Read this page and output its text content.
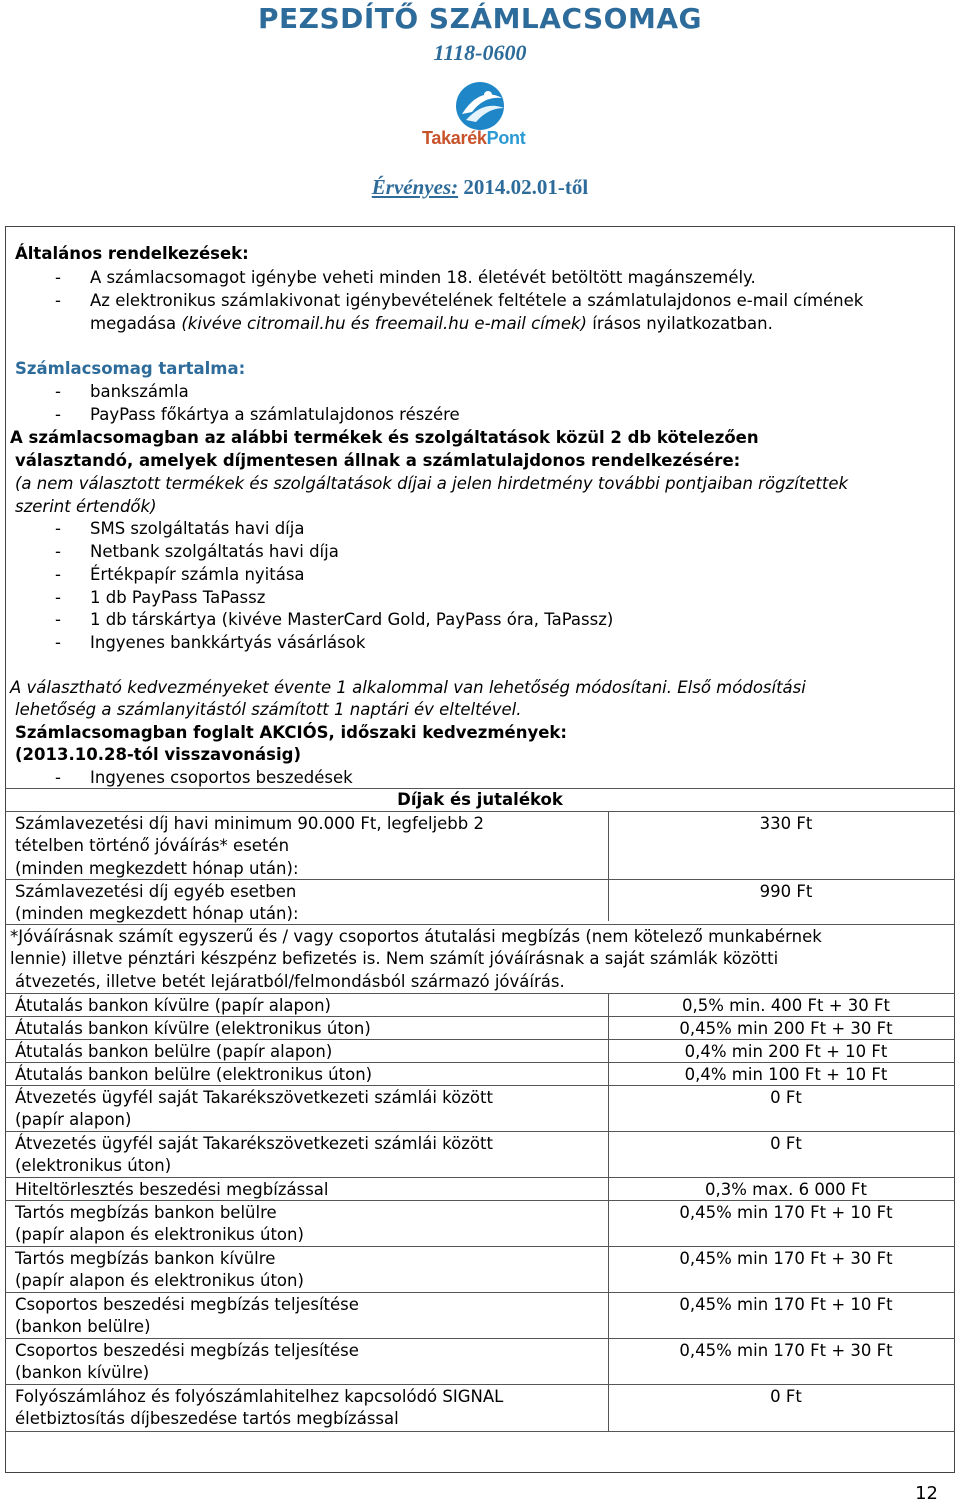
PEZSDÍTŐ SZÁMLACSOMAG
1118-0600
TakarékPont
Érvényes: 2014.02.01-től
Általános rendelkezések:
- A számlacsomagot igénybe veheti minden 18. életévét betöltött magánszemély.
- Az elektronikus számlakivonat igénybevételének feltétele a számlatulajdonos e-mail címének
megadása (kivéve citromail.hu és freemail.hu e-mail címek) írásos nyilatkozatban.
Számlacsomag tartalma:
- bankszámla
- PayPass főkártya a számlatulajdonos részére
A számlacsomagban az alábbi termékek és szolgáltatások közül 2 db kötelezően
választandó, amelyek díjmentesen állnak a számlatulajdonos rendelkezésére:
(a nem választott termékek és szolgáltatások díjai a jelen hirdetmény további pontjaiban rögzítettek
szerint értendők)
- SMS szolgáltatás havi díja
- Netbank szolgáltatás havi díja
- Értékpapír számla nyitása
- 1 db PayPass TaPassz
- 1 db társkártya (kivéve MasterCard Gold, PayPass óra, TaPassz)
- Ingyenes bankkártyás vásárlások
A választható kedvezményeket évente 1 alkalommal van lehetőség módosítani. Első módosítási
lehetőség a számlanyitástól számított 1 naptári év elteltével.
Számlacsomagban foglalt AKCIÓS, időszaki kedvezmények:
(2013.10.28-tól visszavonásig)
- Ingyenes csoportos beszedések
Díjak és jutalékok
Számlavezetési díj havi minimum 90.000 Ft, legfeljebb 2
tételben történő jóváírás* esetén
(minden megkezdett hónap után):
330 Ft
Számlavezetési díj egyéb esetben
(minden megkezdett hónap után):
990 Ft
*Jóváírásnak számít egyszerű és / vagy csoportos átutalási megbízás (nem kötelező munkabérnek
lennie) illetve pénztári készpénz befizetés is. Nem számít jóváírásnak a saját számlák közötti
átvezetés, illetve betét lejáratból/felmondásból származó jóváírás.
Átutalás bankon kívülre (papír alapon)	0,5% min. 400 Ft + 30 Ft
Átutalás bankon kívülre (elektronikus úton)	0,45% min 200 Ft + 30 Ft
Átutalás bankon belülre (papír alapon)	0,4% min 200 Ft + 10 Ft
Átutalás bankon belülre (elektronikus úton)	0,4% min 100 Ft + 10 Ft
Átvezetés ügyfél saját Takarékszövetkezeti számlái között
(papír alapon)
0 Ft
Átvezetés ügyfél saját Takarékszövetkezeti számlái között
(elektronikus úton)
0 Ft
Hiteltörlesztés beszedési megbízással	0,3% max. 6 000 Ft
Tartós megbízás bankon belülre
(papír alapon és elektronikus úton)
0,45% min 170 Ft + 10 Ft
Tartós megbízás bankon kívülre
(papír alapon és elektronikus úton)
0,45% min 170 Ft + 30 Ft
Csoportos beszedési megbízás teljesítése
(bankon belülre)
0,45% min 170 Ft + 10 Ft
Csoportos beszedési megbízás teljesítése
(bankon kívülre)
0,45% min 170 Ft + 30 Ft
Folyószámlához és folyószámlahitelhez kapcsolódó SIGNAL
életbiztosítás díjbeszedése tartós megbízással
0 Ft
12
